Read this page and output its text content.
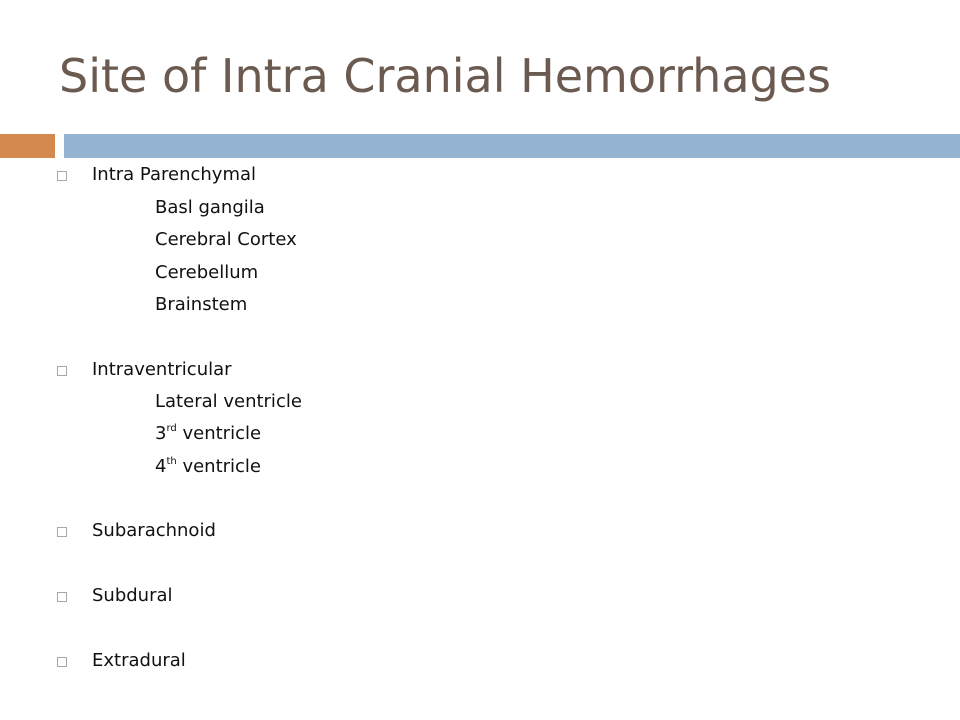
Site of Intra Cranial Hemorrhages
Intra Parenchymal
Basl gangila
Cerebral Cortex
Cerebellum
Brainstem
Intraventricular
Lateral ventricle
3rd ventricle
4th ventricle
Subarachnoid
Subdural
Extradural
